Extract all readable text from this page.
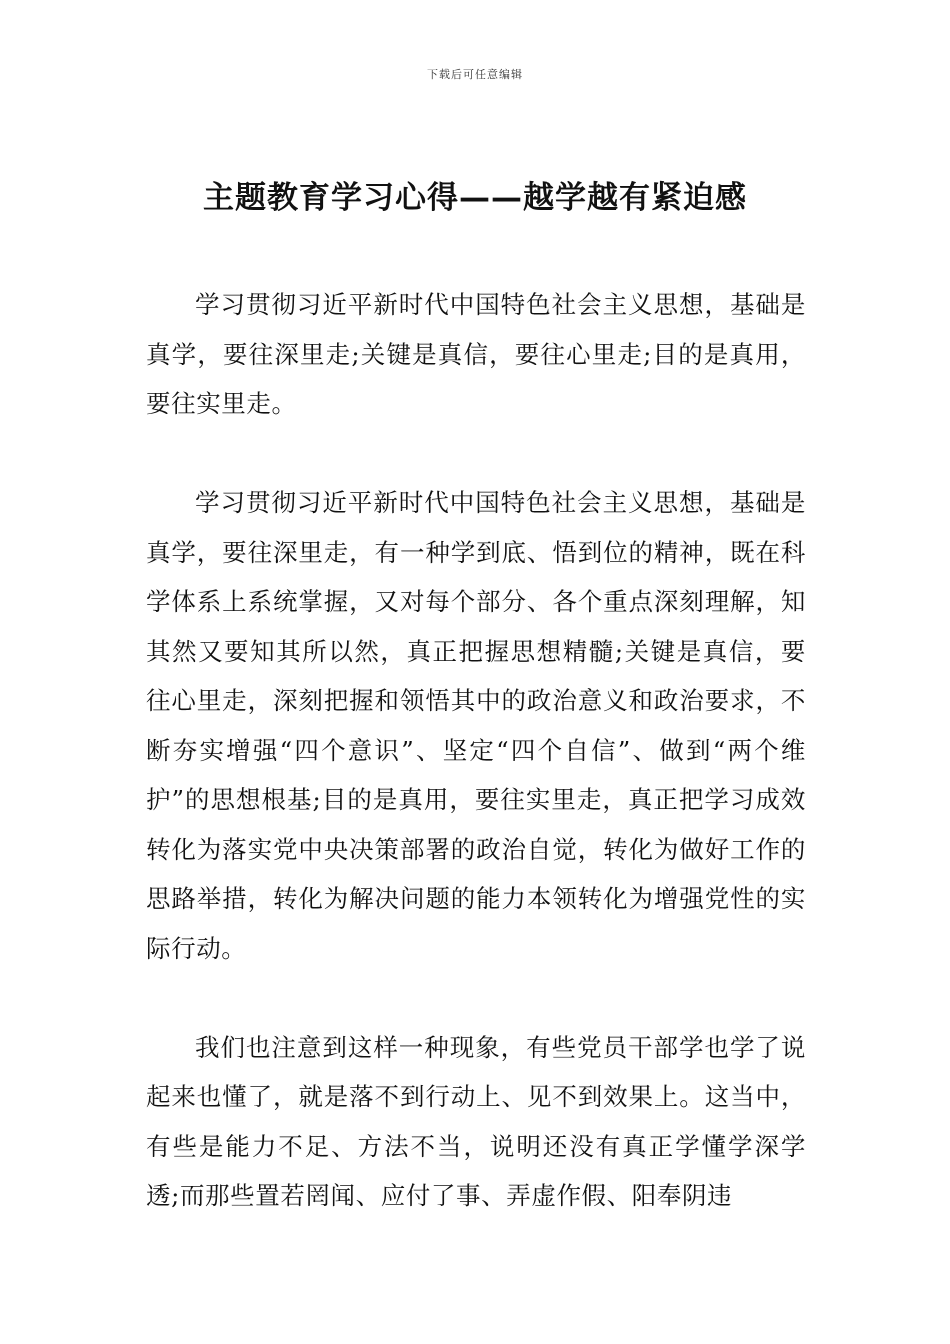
下载后可任意编辑
主题教育学习心得——越学越有紧迫感

学习贯彻习近平新时代中国特色社会主义思想，基础是真学，要往深里走;关键是真信，要往心里走;目的是真用，要往实里走。

学习贯彻习近平新时代中国特色社会主义思想，基础是真学，要往深里走，有一种学到底、悟到位的精神，既在科学体系上系统掌握，又对每个部分、各个重点深刻理解，知其然又要知其所以然，真正把握思想精髓;关键是真信，要往心里走，深刻把握和领悟其中的政治意义和政治要求，不断夯实增强“四个意识”、坚定“四个自信”、做到“两个维护”的思想根基;目的是真用，要往实里走，真正把学习成效转化为落实党中央决策部署的政治自觉，转化为做好工作的思路举措，转化为解决问题的能力本领转化为增强党性的实际行动。

我们也注意到这样一种现象，有些党员干部学也学了说起来也懂了，就是落不到行动上、见不到效果上。这当中，有些是能力不足、方法不当，说明还没有真正学懂学深学透;而那些置若罔闻、应付了事、弄虚作假、阳奉阴违
